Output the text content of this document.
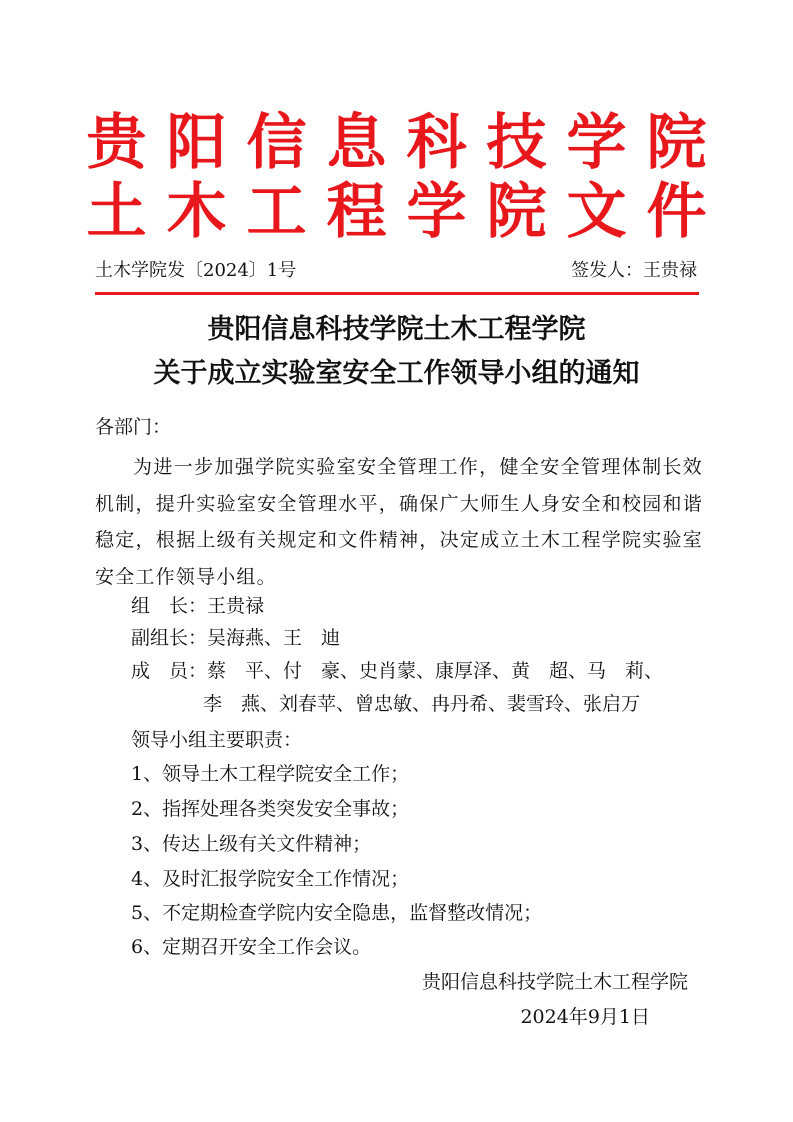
贵阳信息科技学院
土木工程学院文件
土木学院发〔2024〕1号	签发人：王贵禄
贵阳信息科技学院土木工程学院
关于成立实验室安全工作领导小组的通知
各部门：
为进一步加强学院实验室安全管理工作，健全安全管理体制长效机制，提升实验室安全管理水平，确保广大师生人身安全和校园和谐稳定，根据上级有关规定和文件精神，决定成立土木工程学院实验室安全工作领导小组。
组　长：王贵禄
副组长：吴海燕、王　迪
成　员：蔡　平、付　豪、史肖蒙、康厚泽、黄　超、马　莉、
李　燕、刘春苹、曾忠敏、冉丹希、裴雪玲、张启万
领导小组主要职责：
1、领导土木工程学院安全工作；
2、指挥处理各类突发安全事故；
3、传达上级有关文件精神；
4、及时汇报学院安全工作情况；
5、不定期检查学院内安全隐患，监督整改情况；
6、定期召开安全工作会议。
贵阳信息科技学院土木工程学院
2024年9月1日
